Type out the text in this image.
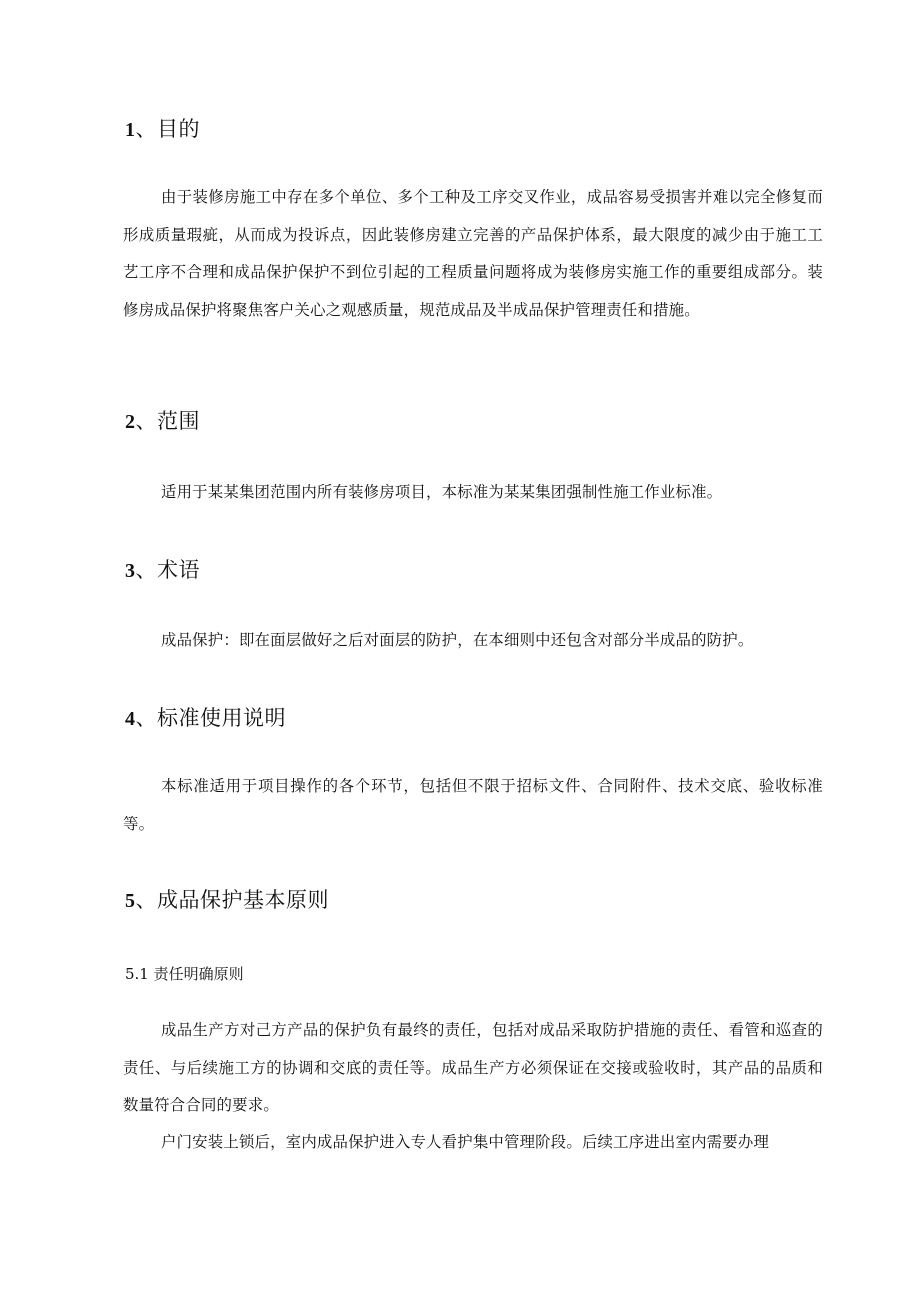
1、目的
由于装修房施工中存在多个单位、多个工种及工序交叉作业，成品容易受损害并难以完全修复而形成质量瑕疵，从而成为投诉点，因此装修房建立完善的产品保护体系，最大限度的减少由于施工工艺工序不合理和成品保护保护不到位引起的工程质量问题将成为装修房实施工作的重要组成部分。装修房成品保护将聚焦客户关心之观感质量，规范成品及半成品保护管理责任和措施。
2、范围
适用于某某集团范围内所有装修房项目，本标准为某某集团强制性施工作业标准。
3、术语
成品保护：即在面层做好之后对面层的防护，在本细则中还包含对部分半成品的防护。
4、标准使用说明
本标准适用于项目操作的各个环节，包括但不限于招标文件、合同附件、技术交底、验收标准等。
5、成品保护基本原则
5.1 责任明确原则
成品生产方对己方产品的保护负有最终的责任，包括对成品采取防护措施的责任、看管和巡查的责任、与后续施工方的协调和交底的责任等。成品生产方必须保证在交接或验收时，其产品的品质和数量符合合同的要求。
户门安装上锁后，室内成品保护进入专人看护集中管理阶段。后续工序进出室内需要办理
